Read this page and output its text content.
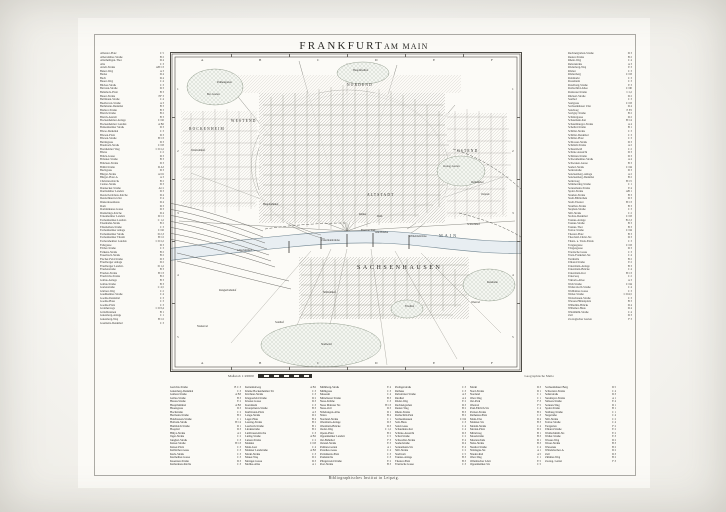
FRANKFURTAM MAIN
Affentor-Platz	C 5
Alberstädter-Straße	B 2
Allerheiligen-Thor	D 4
Alte	C 3
Arndt-Straße	AB C3
Baker-Weg	A 3
Basler	D 4
Bach	D 4
Bauer-Weg	C 4
Bäcker-Straße	C 3
Battonn-Straße	D 3
Bahnhofs-Platz	B 3
Bauer-Straße	EF 3
Bellmann-Straße	C 4
Beethoven-Straße	A 3
Bethmann-Denkmal	B 3
Biebrer-Straße	B 3
Bleich-Straße	B 2
Bleich-Anstalt	B 3
Bockenheimer Anlage	C D2
Bockenheimer Landstr.	A B2
Bolkenheimer Straße	D 3
Börse-Denkmal	C 3
Börsen-Platz	D 3
Börsen-Straße	B C3
Bettingasse	D 3
Braubach-Straße	C D3
Bornheimer Weg	C D1,2
Börne	C 2
Brück-Gasse	D 3
Brönner-Straße	B 3
Brücken-Straße	D 3
Brühl-Straße	D A3
Buchgasse	D 3
Bürger-Straße	A D1
Bürger-Platz-A.	A 3
Christian-Kirche	B 2
Casino-Straße	D 3
Dannecker-Straße	AC1
Darmstädter Landstr.	D 3
Deutsch-Ordens-Kirche	D 4
Deutschherrn-Ufer	E 4
Diakonissenhaus	D 4
Dom	D 3
Dominikaner-Gasse	D 3
Dreikönigs-Kirche	D 4
Eckenheimer Landstr.	D C1
Eschenheimer-Landstr.	C 1,2
Eisenbahn-Straße	B 2
Elisabethen-Straße	C 3
Eschenheimer Anlage	C D2
Eschenheimer Straße	D 2,3
Eschenheimer Thurm	B C2
Eschersheimer Landstr.	C D1,2
Fahrgasse	D 3
Färber-Straße	C 3
Falkens-Straße	B 2
Feuerbach-Straße	B 2
Fischer-Feld-Straße	D 3
Friedberger Anlage	D 2
Friedberger Landstr.	D 1,2
Friedenstraße	B 3
Frieden-Straße	B C3
Friedrichs-Straße	B 2
Gallus-Anlage	B 3
Gallus-Straße	B 3
Gartenstraße	C 4,5
Gärtner-Weg	C 2
Gaußheimer-Straße	C 4
Goethe-Denkmal	C 3
Goethe-Haus	C 3
Goethe-Platz	C 3
Großherzogs	C D3,4
Grindbrunnen	B 1
Gutenberg-Anlage	C 1
Gutenberg-Weg	B C2
Gaarheits-Denkmal	C 3
Rechneigraben-Straße	D 3
Reuter-Straße	B 2
Rhein-Weg	C 4
Rebenstraße	A 3
Röderberg-Weg	E 3
Römer	C 3
Römerberg	C D3
Rohmarkt	C 3
Rossmarkt	C 3
Rotelberg-Straße	E 3
Rothschild-Allee	C D0
Rotkreuz-Straße	C1,2
Rückert-Straße	D 2
Saalhof	C 3
Saalgasse	C D3
Sachsenhäuser Ufer	D 4
Sandweg	E F2
Savigny-Straße	B 2
Schäfergasse	D 2
Schaumain-Kai	B C4
Schaumburger-Straße	A 4
Scheffel-Straße	B 1
Schiller-Straße	C 3
Schiller-Denkmal	C 3
Schiller-Platz	C 3
Schlosser-Straße	D 3
Schmidt-Straße	A 2
Schneidwall	C 2
Schöne Aussicht	D 3
Schützen-Straße	D 3
Schwanheimer-Straße	A 4
Schwanen-Gasse	B 3
Seehof-Straße	C D4
Seilerstraße	D 3
Senckenberg-Anlage	A 2
Senckenberg-Denkmal	B 2
Seilerweg	B C5
Sömmerring-Straße	C 1
Sonnemann-Straße	E 4
Spohr-Straße	AB 1
Staufen-Straße	B 3
Stadt-Bibliothek	D 3
Stadt-Theater	B C3
Stauffen-Straße	B 3
Stephan-Straße	C 3
Stift-Straße	C 2
Stoltze-Denkmal	C D3
Taunus-Anlage	B 2,3
Taunus-Straße	B 3
Taunus-Thor	B 3
Textor-Straße	C D4
Theater-Platz	B 3
Theobald-Christ-Str.	D 3
Thurn- u. Taxis-Palais	C 3
Tongesgasse	C D3
Töngesgasse	D 3
Trierische Gasse	C 3
Trutz-Frankfurt-Str.	C 4
Turnhalle	B 2
Uhland-Straße	E 2
Untermain-Anlage	B 3
Untermain-Brücke	C 4
Untermain-Kai	B C3
Unterweg	C 2
Viktoria-Allee	A 3
Wall-Straße	C D4
Walter-Kolb-Straße	C 4
Wallfahrer-Gasse	C 3
Weber-Straße	C D4,5
Weissfrauen-Straße	C 3
Wiesen-Hüttenplatz	B 3
Wilhelms-Brücke	D 4
Willemer-Haus	D 4
Windmühl-Straße	C 4
Zeil	D 3
Zoologischer Garten	F 3
SACHSENHAUSEN
MAIN
BOCKENHEIM
OSTEND
WESTEND
NORDEND
ALTSTADT
Palmengarten
Bot. Garten
Hauptbahnhof
Zoolog. Garten
Ostbahnhof
Westbahnhof
Schlachthof
Güterbahnhof
Rangierbahnhof
Südbahnhof
Alte Brücke
Untermainbrücke
Eiserner Steg
Wilhelmsbrücke
Dom
Römer
Hauptfriedhof
Friedhof
Ostpark
Rennbahn
Sandhof
Niederrad
Oberrad
Stadtwald
A
A
B
B
C
C
D
D
E
E
F
F
1	1
2	2
3	3
4	4
5	5
Maßstab 1:20000	Geographische Meile
Gerichts-Straße	B C 3
Gutenberg-Denkmal	C 3
Gutleut-Straße	A B3
Gallus-Straße	B 3
Hanau-Straße	E 2
Hauptbahnhof	A B3
Hasengasse	D 3
Hochstraße	C 2
Hermann-Straße	B 2
Holzhausen-Straße	C 1
Holbein-Straße	B C4
Humboldt-Straße	D 1
Hospital	D 3
Hülya-Straße	A 2
Jäger-Straße	C 2
Junghof-Straße	C 3
Kaiser-Straße	B C3
Kaiser-Platz	C 3
Kalbächer-Gasse	C 3
Karls-Straße	C 3
Karmeliter-Gasse	C 3
Kasernen-Straße	D 3
Katharinen-Kirche	C 3
Kettenhofweg	A B2
Kleine Bockenheimer Str.	C 3
Kirchner-Straße	C 3
Klapperfeld-Straße	D 2
Kloster-Gasse	D 3
Kornmarkt	C 3
Kronprinzen-Straße	B 3
Kurfürsten-Platz	A 3
Lange-Straße	D 2
Lager-Haus	B 4
Lessing-Straße	B 2
Leerbach-Straße	B 1
Lindenstraße	B 2
Liebfrauen-Kirche	C 3
Liebig-Straße	A B2
Luisen-Straße	C 2
Mainkai	C D3
Main-Lust	C 4
Mainzer Landstraße	A B3
Markt-Straße	C 3
Mauer-Weg	D 2
Metzger-Gasse	D 3
Moltke-Allee	A 1
Mühlberg-Straße	E 4
Mühlgasse	C 3
Museum	C 4
Münchener Straße	B 3
Neue-Kräme	C 3
Neue Mainzer Str.	B C3
Neue-Zeil	D 3
Nibelungen-Allee	D 1
Nizza	B 4
Nordend-Straße	C 1
Obermain-Anlage	D 3
Obermain-Brücke	D 3
Oeder-Weg	C 1,2
Opern-Platz	B 2
Oppenheimer Landstr.	C 5
Ost-Bahnhof	F 3
Ostend-Straße	E 3
Palmen-Garten	A 1
Paradies-Gasse	C 4
Parlaments-Platz	C 3
Paulskirche	C 3
Pfingstweid-Straße	E 2
Post-Straße	B 3
Predigerstraße	C 3
Rathaus	C 3
Rebstöcker Straße	A 3
Riedhof	A 4
Röder-Weg	E 2
Rechneigraben	D 3
Reuter-Weg	B 2
Rhein-Straße	B 3
Rothschild-Park	B 2
Sachsenhausen	C D4
Salz-Haus	C 3
Sand-Gasse	C 4
Schaumain-Kai	C 4
Schöne-Aussicht	D 3
Schul-Straße	C 2
Schwedler-Straße	E 4
Seehofstraße	D 4
Sonnemann-Str.	E 4
Stift-Straße	C 2
Stadtwald	C 5
Taunus-Anlage	B 3
Theater-Platz	B 3
Trierische Gasse	C 3
Markt	D 3
Nord-Straße	D 1
Nordend	C 1
Ober-Weg	C 1
Ost-Park	F 3
Oberrad	F 5
Paul-Ehrlich-Str.	C 4
Pariser-Straße	B 2
Rathenau-Platz	C 3
Main-Ufer	D 4
Mainzer-Str.	B 3
Melem-Straße	C 4
Merian-Platz	D 2
Mittelweg	B 1
Moselstraße	B 3
Musterschule	D 1
Nahe-Straße	B 3
Neuhof-Straße	C 4
Niddagau-Str.	A 1
Nieder-Rad	A 5
Ober-Weg	C 1
Offenbacher Ldstr.	E 5
Oppenheimer-Str.	C 5
Sachsenhäuser Berg	D 5
Schweizer-Straße	C 4
Seilerstraße	D 3
Siesmayer-Straße	A 1
Simson-Straße	E 4
Sonnen-Weg	D 1
Spohr-Straße	B 1
Stalburg-Straße	C 1
Stegstraße	C 4
Stift-Straße	C 2
Textor-Straße	C 4
Tiergarten	F 2
Uhland-Straße	E 2
Waldschmidt-Str.	E 2
Walter-Straße	E 3
Wasser-Weg	D 2
Weser-Straße	B 3
Wiesenau	B 2
Wittelsbacher-A.	D 2
Zeil	D 3
Zimmer-Weg	B 2
Zoolog. Garten	F 3
Bibliographisches Institut in Leipzig.
